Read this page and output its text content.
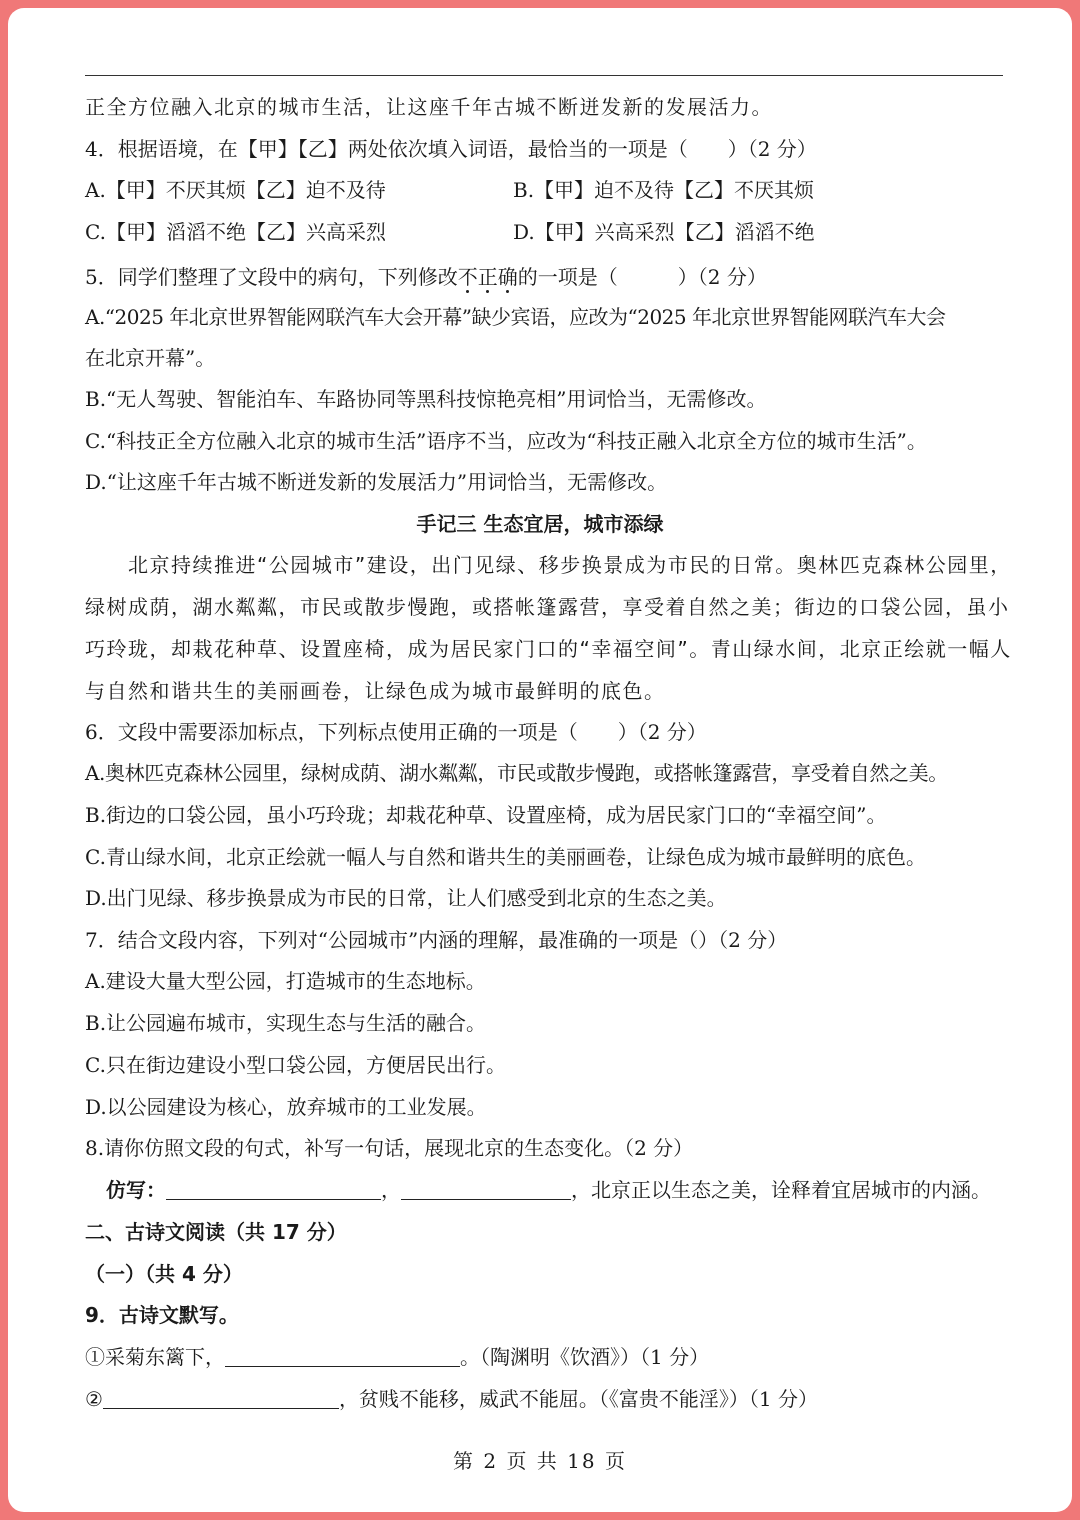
正全方位融入北京的城市生活，让这座千年古城不断迸发新的发展活力。
4．根据语境，在【甲】【乙】两处依次填入词语，最恰当的一项是（　　）（2 分）
A.【甲】不厌其烦【乙】迫不及待	B.【甲】迫不及待【乙】不厌其烦
C.【甲】滔滔不绝【乙】兴高采烈	D.【甲】兴高采烈【乙】滔滔不绝
5．同学们整理了文段中的病句，下列修改不正确的一项是（　　　）（2 分）
A.“2025 年北京世界智能网联汽车大会开幕”缺少宾语，应改为“2025 年北京世界智能网联汽车大会
在北京开幕”。
B.“无人驾驶、智能泊车、车路协同等黑科技惊艳亮相”用词恰当，无需修改。
C.“科技正全方位融入北京的城市生活”语序不当，应改为“科技正融入北京全方位的城市生活”。
D.“让这座千年古城不断迸发新的发展活力”用词恰当，无需修改。
手记三 生态宜居，城市添绿
　　北京持续推进“公园城市”建设，出门见绿、移步换景成为市民的日常。奥林匹克森林公园里，
绿树成荫，湖水粼粼，市民或散步慢跑，或搭帐篷露营，享受着自然之美；街边的口袋公园，虽小
巧玲珑，却栽花种草、设置座椅，成为居民家门口的“幸福空间”。青山绿水间，北京正绘就一幅人
与自然和谐共生的美丽画卷，让绿色成为城市最鲜明的底色。
6．文段中需要添加标点，下列标点使用正确的一项是（　　）（2 分）
A.奥林匹克森林公园里，绿树成荫、湖水粼粼，市民或散步慢跑，或搭帐篷露营，享受着自然之美。
B.街边的口袋公园，虽小巧玲珑；却栽花种草、设置座椅，成为居民家门口的“幸福空间”。
C.青山绿水间，北京正绘就一幅人与自然和谐共生的美丽画卷，让绿色成为城市最鲜明的底色。
D.出门见绿、移步换景成为市民的日常，让人们感受到北京的生态之美。
7．结合文段内容，下列对“公园城市”内涵的理解，最准确的一项是（）（2 分）
A.建设大量大型公园，打造城市的生态地标。
B.让公园遍布城市，实现生态与生活的融合。
C.只在街边建设小型口袋公园，方便居民出行。
D.以公园建设为核心，放弃城市的工业发展。
8.请你仿照文段的句式，补写一句话，展现北京的生态变化。（2 分）
仿写：	，	，北京正以生态之美，诠释着宜居城市的内涵。
二、古诗文阅读（共 17 分）
（一）（共 4 分）
9．古诗文默写。
①采菊东篱下，	。（陶渊明《饮酒》）（1 分）
②	，贫贱不能移，威武不能屈。（《富贵不能淫》）（1 分）
第 2 页 共 18 页
